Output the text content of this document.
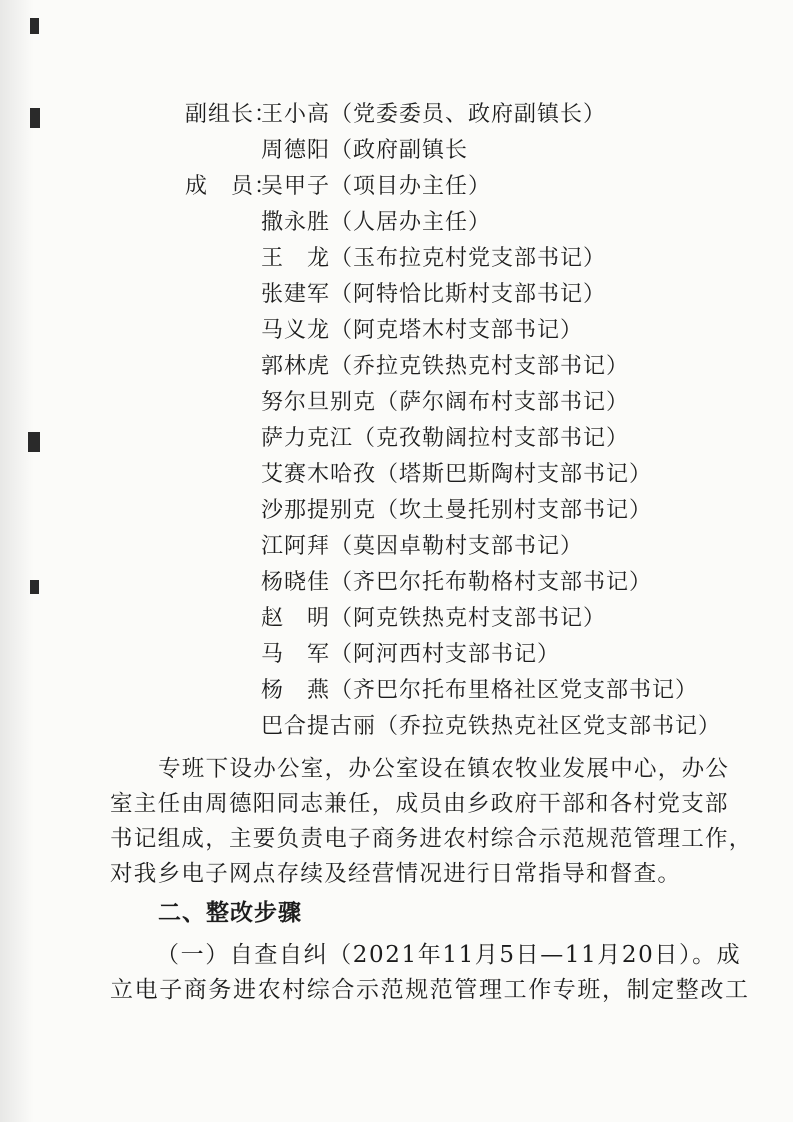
副组长：王小高（党委委员、政府副镇长）
周德阳（政府副镇长
成　员：吴甲子（项目办主任）
撒永胜（人居办主任）
王　龙（玉布拉克村党支部书记）
张建军（阿特恰比斯村支部书记）
马义龙（阿克塔木村支部书记）
郭林虎（乔拉克铁热克村支部书记）
努尔旦别克（萨尔阔布村支部书记）
萨力克江（克孜勒阔拉村支部书记）
艾赛木哈孜（塔斯巴斯陶村支部书记）
沙那提别克（坎土曼托别村支部书记）
江阿拜（莫因卓勒村支部书记）
杨晓佳（齐巴尔托布勒格村支部书记）
赵　明（阿克铁热克村支部书记）
马　军（阿河西村支部书记）
杨　燕（齐巴尔托布里格社区党支部书记）
巴合提古丽（乔拉克铁热克社区党支部书记）

专班下设办公室，办公室设在镇农牧业发展中心，办公

室主任由周德阳同志兼任，成员由乡政府干部和各村党支部

书记组成，主要负责电子商务进农村综合示范规范管理工作，

对我乡电子网点存续及经营情况进行日常指导和督查。

二、整改步骤

（一）自查自纠（2021年11月5日—11月20日）。成

立电子商务进农村综合示范规范管理工作专班，制定整改工
